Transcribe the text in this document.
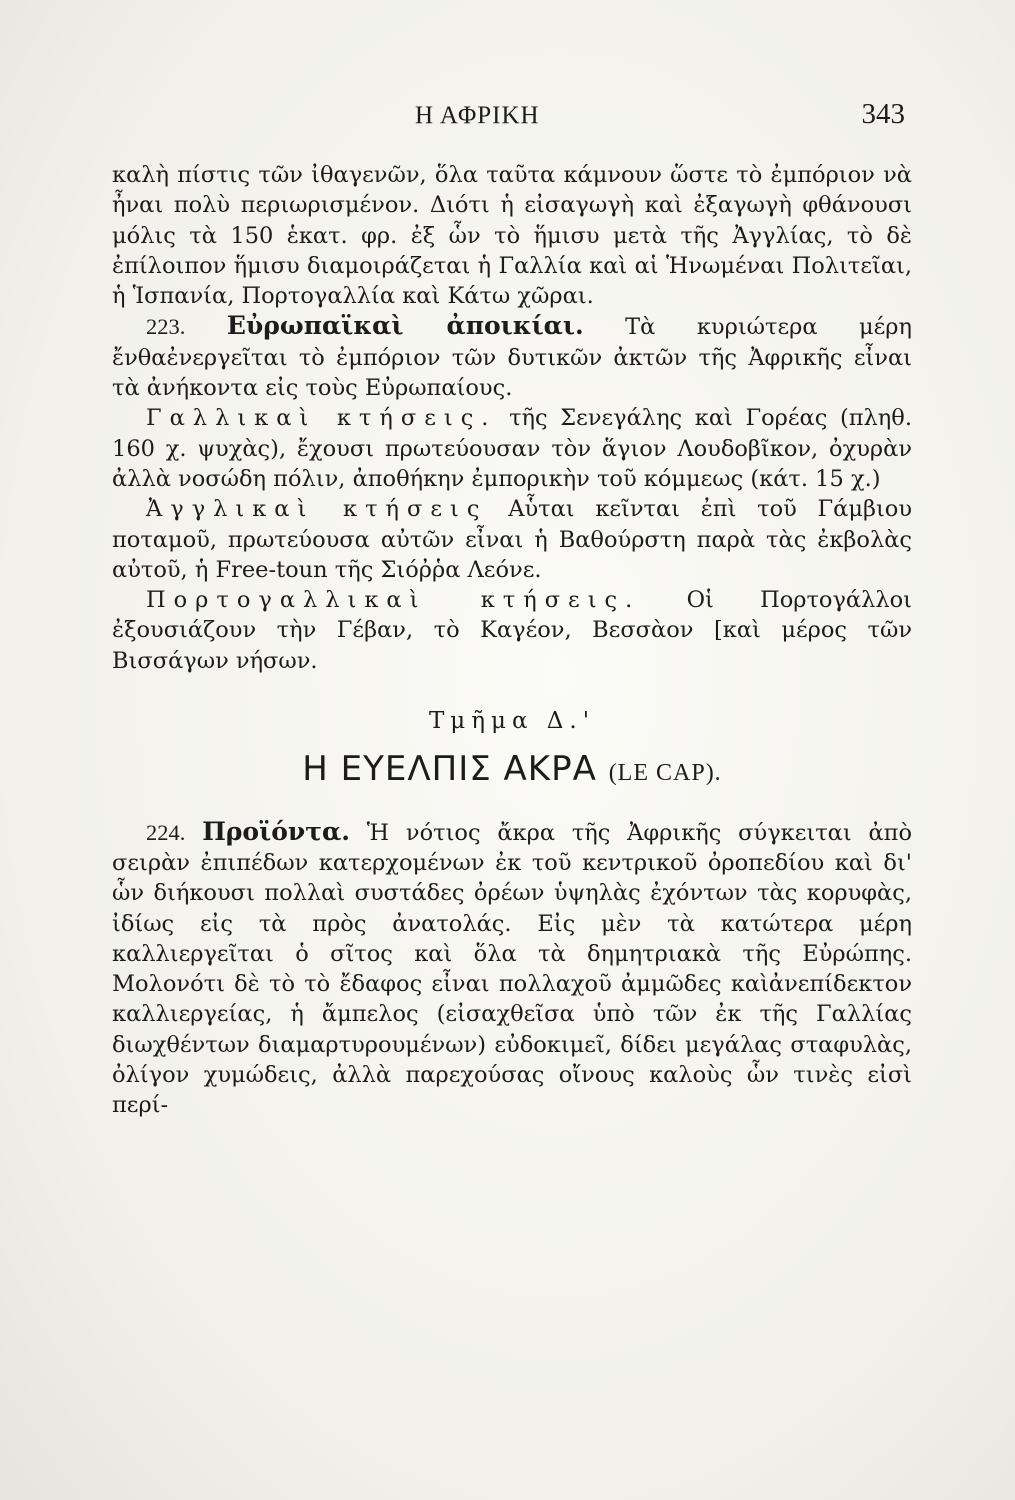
Η ΑΦΡΙΚΗ	343

καλὴ πίστις τῶν ἰθαγενῶν, ὅλα ταῦτα κάμνουν ὥστε τὸ ἐμπόριον νὰ ἦναι πολὺ περιωρισμένον. Διότι ἡ εἰσαγωγὴ καὶ ἐξαγωγὴ φθάνουσι μόλις τὰ 150 ἑκατ. φρ. ἐξ ὧν τὸ ἥμισυ μετὰ τῆς Ἀγγλίας, τὸ δὲ ἐπίλοιπον ἥμισυ διαμοιράζεται ἡ Γαλλία καὶ αἱ Ἡνωμέναι Πολιτεῖαι, ἡ Ἱσπανία, Πορτογαλλία καὶ Κάτω χῶραι.

223. Εὐρωπαϊκαὶ ἀποικίαι. Τὰ κυριώτερα μέρη ἔνθαἐνεργεῖται τὸ ἐμπόριον τῶν δυτικῶν ἀκτῶν τῆς Ἀφρικῆς εἶναι τὰ ἀνήκοντα εἰς τοὺς Εὐρωπαίους.

Γαλλικαὶ κτήσεις. τῆς Σενεγάλης καὶ Γορέας (πληθ. 160 χ. ψυχὰς), ἔχουσι πρωτεύουσαν τὸν ἅγιον Λουδοβῖκον, ὀχυρὰν ἀλλὰ νοσώδη πόλιν, ἀποθήκην ἐμπορικὴν τοῦ κόμμεως (κάτ. 15 χ.)

Ἀγγλικαὶ κτήσεις Αὗται κεῖνται ἐπὶ τοῦ Γάμβιου ποταμοῦ, πρωτεύουσα αὐτῶν εἶναι ἡ Βαθούρστη παρὰ τὰς ἐκβολὰς αὐτοῦ, ἡ Free-toun τῆς Σιόῤῥα Λεόνε.

Πορτογαλλικαὶ κτήσεις. Οἱ Πορτογάλλοι ἐξουσιάζουν τὴν Γέβαν, τὸ Καγέον, Βεσσὰον [καὶ μέρος τῶν Βισσάγων νήσων.

Τμῆμα Δ.'
Η ΕΥΕΛΠΙΣ ΑΚΡΑ (LE CAP).

224. Προϊόντα. Ἡ νότιος ἄκρα τῆς Ἀφρικῆς σύγκειται ἀπὸ σειρὰν ἐπιπέδων κατερχομένων ἐκ τοῦ κεντρικοῦ ὀροπεδίου καὶ δι' ὧν διήκουσι πολλαὶ συστάδες ὀρέων ὑψηλὰς ἐχόντων τὰς κορυφὰς, ἰδίως εἰς τὰ πρὸς ἀνατολάς. Εἰς μὲν τὰ κατώτερα μέρη καλλιεργεῖται ὁ σῖτος καὶ ὅλα τὰ δημητριακὰ τῆς Εὐρώπης. Μολονότι δὲ τὸ τὸ ἔδαφος εἶναι πολλαχοῦ ἀμμῶδες καὶἀνεπίδεκτον καλλιεργείας, ἡ ἄμπελος (εἰσαχθεῖσα ὑπὸ τῶν ἐκ τῆς Γαλλίας διωχθέντων διαμαρτυρουμένων) εὐδοκιμεῖ, δίδει μεγάλας σταφυλὰς, ὀλίγον χυμώδεις, ἀλλὰ παρεχούσας οἴνους καλοὺς ὧν τινὲς εἰσὶ περί-
